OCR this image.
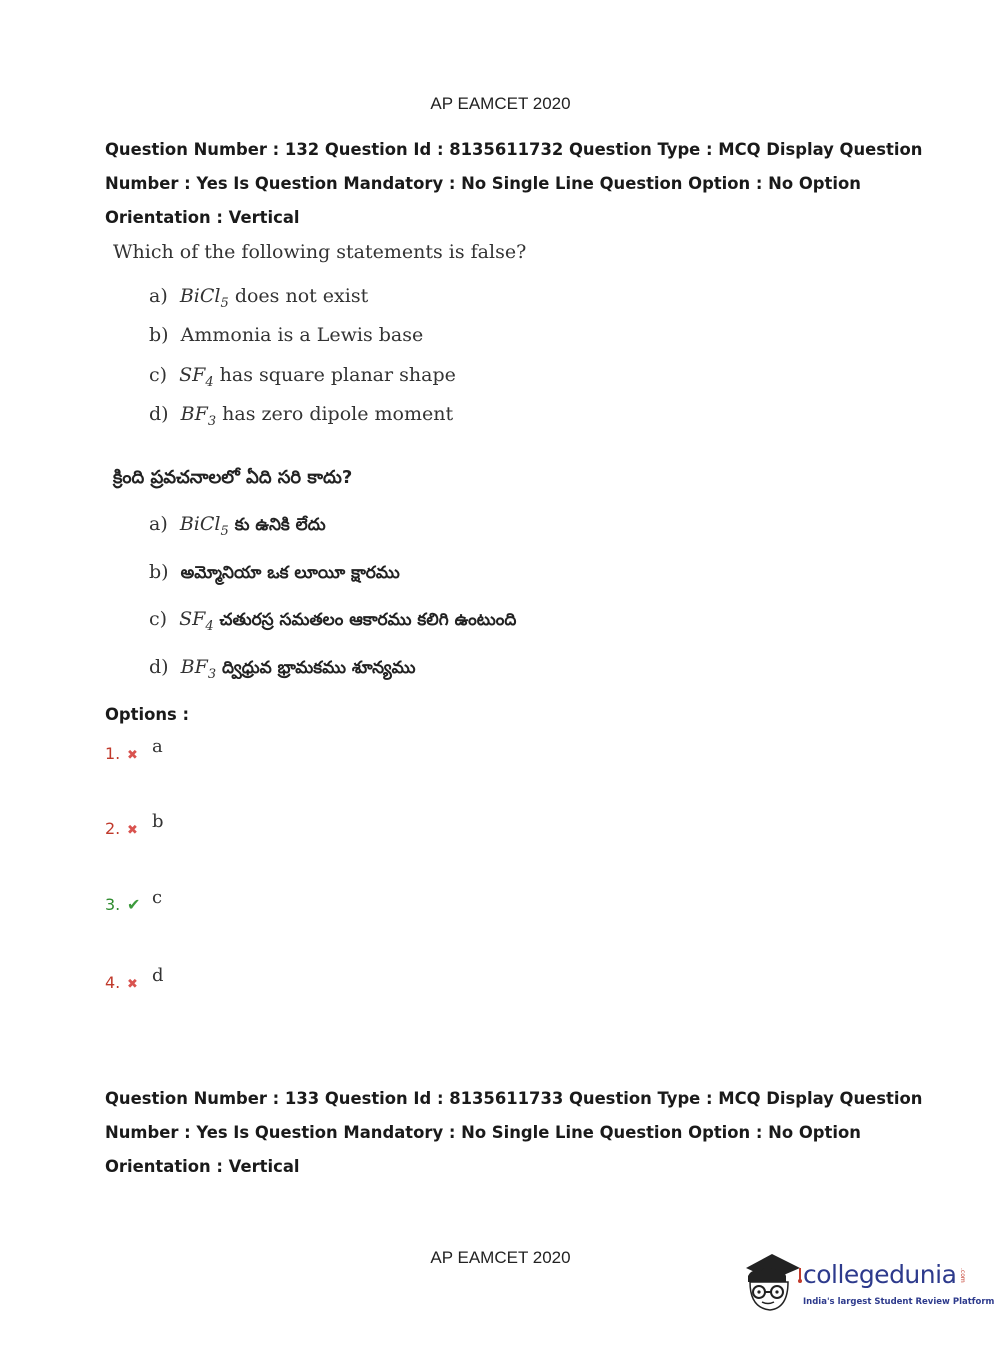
AP EAMCET 2020
Question Number : 132 Question Id : 8135611732 Question Type : MCQ Display Question
Number : Yes Is Question Mandatory : No Single Line Question Option : No Option
Orientation : Vertical
Which of the following statements is false?
a) BiCl$_5$ does not exist
b) Ammonia is a Lewis base
c) $SF_4$ has square planar shape
d) $BF_3$ has zero dipole moment
క్రింది ప్రవచనాలలో ఏది సరి కాదు?
a) BiCl$_5$ కు ఉనికి లేదు
b) అమ్మోనియా ఒక లూయీ క్షారము
c) $SF_4$ చతురస్ర సమతలం ఆకారము కలిగి ఉంటుంది
d) $BF_3$ ద్విధ్రువ భ్రామకము శూన్యము
Options :
1. ✖ a
2. ✖ b
3. ✔ c
4. ✖ d
Question Number : 133 Question Id : 8135611733 Question Type : MCQ Display Question
Number : Yes Is Question Mandatory : No Single Line Question Option : No Option
Orientation : Vertical
AP EAMCET 2020
collegedunia .com
India's largest Student Review Platform
